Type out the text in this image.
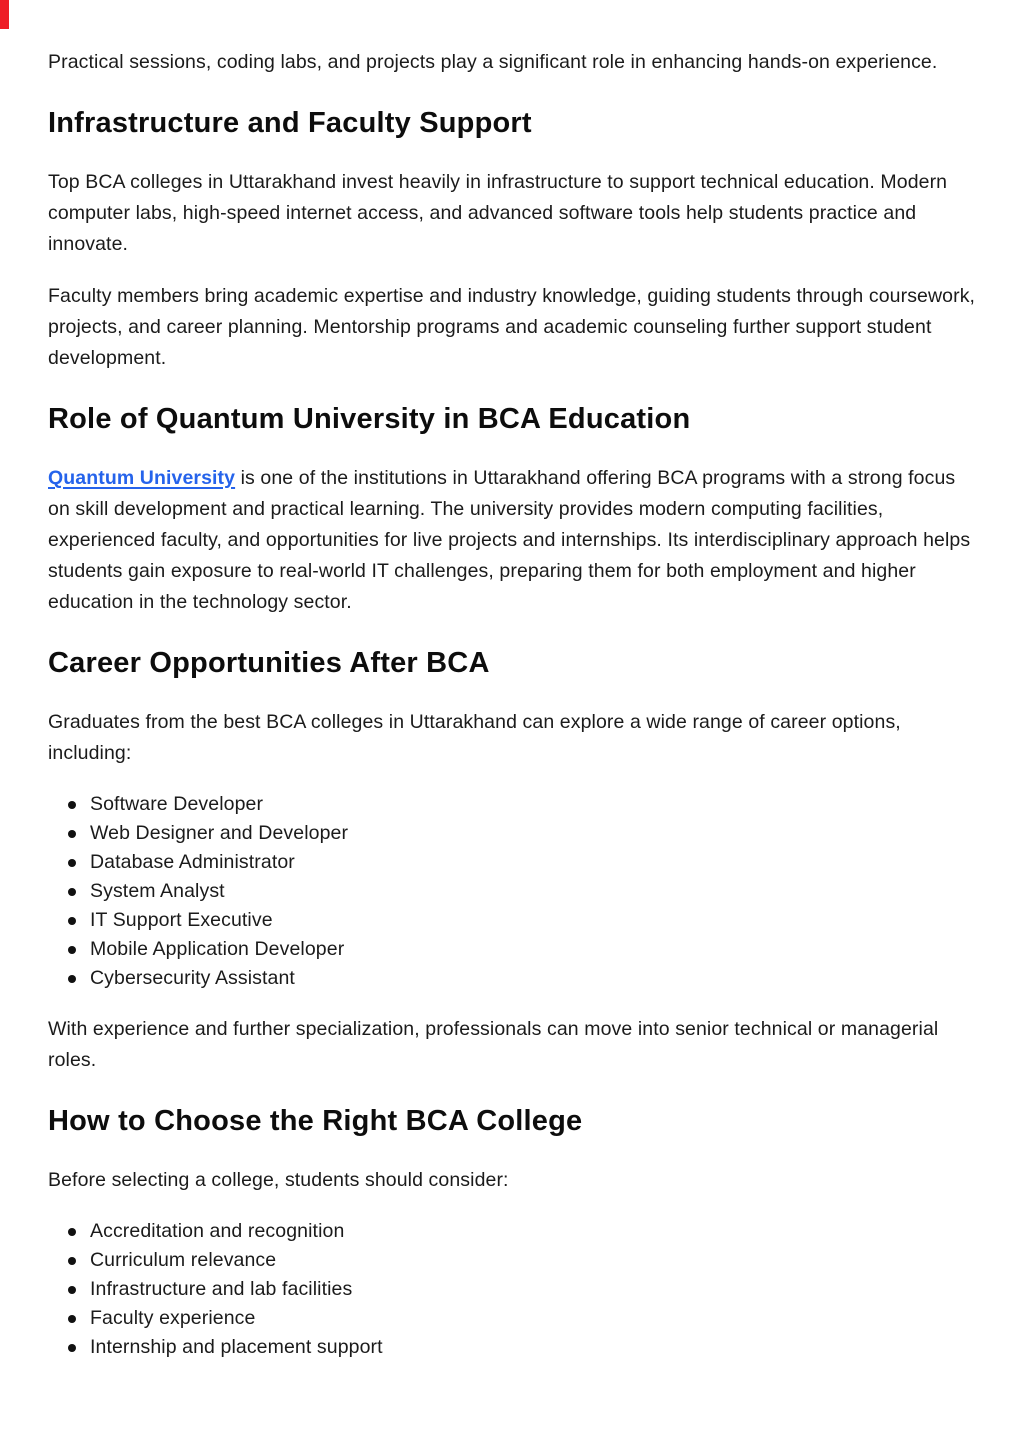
Practical sessions, coding labs, and projects play a significant role in enhancing hands-on experience.

Infrastructure and Faculty Support

Top BCA colleges in Uttarakhand invest heavily in infrastructure to support technical education. Modern computer labs, high-speed internet access, and advanced software tools help students practice and innovate.

Faculty members bring academic expertise and industry knowledge, guiding students through coursework, projects, and career planning. Mentorship programs and academic counseling further support student development.

Role of Quantum University in BCA Education

Quantum University is one of the institutions in Uttarakhand offering BCA programs with a strong focus on skill development and practical learning. The university provides modern computing facilities, experienced faculty, and opportunities for live projects and internships. Its interdisciplinary approach helps students gain exposure to real-world IT challenges, preparing them for both employment and higher education in the technology sector.

Career Opportunities After BCA

Graduates from the best BCA colleges in Uttarakhand can explore a wide range of career options, including:

Software Developer
Web Designer and Developer
Database Administrator
System Analyst
IT Support Executive
Mobile Application Developer
Cybersecurity Assistant

With experience and further specialization, professionals can move into senior technical or managerial roles.

How to Choose the Right BCA College

Before selecting a college, students should consider:

Accreditation and recognition
Curriculum relevance
Infrastructure and lab facilities
Faculty experience
Internship and placement support
